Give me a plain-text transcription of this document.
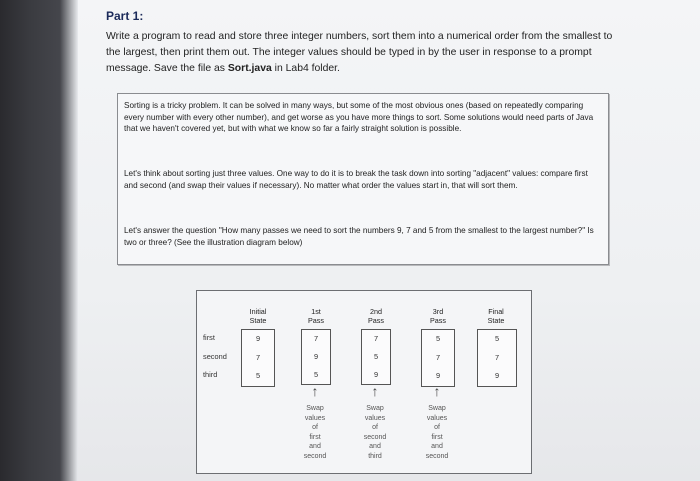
Part 1:
Write a program to read and store three integer numbers, sort them into a numerical order from the smallest to the largest, then print them out. The integer values should be typed in by the user in response to a prompt message. Save the file as Sort.java in Lab4 folder.

Sorting is a tricky problem. It can be solved in many ways, but some of the most obvious ones (based on repeatedly comparing every number with every other number), and get worse as you have more things to sort. Some solutions would need parts of Java that we haven't covered yet, but with what we know so far a fairly straight solution is possible.

Let's think about sorting just three values. One way to do it is to break the task down into sorting "adjacent" values: compare first and second (and swap their values if necessary). No matter what order the values start in, that will sort them.

Let's answer the question "How many passes we need to sort the numbers 9, 7 and 5 from the smallest to the largest number?" Is two or three? (See the illustration diagram below)

first
second
third
Initial
State
9
7
5
1st
Pass
7
9
5
↑
Swap
values
of
first
and
second
2nd
Pass
7
5
9
↑
Swap
values
of
second
and
third
3rd
Pass
5
7
9
↑
Swap
values
of
first
and
second
Final
State
5
7
9
